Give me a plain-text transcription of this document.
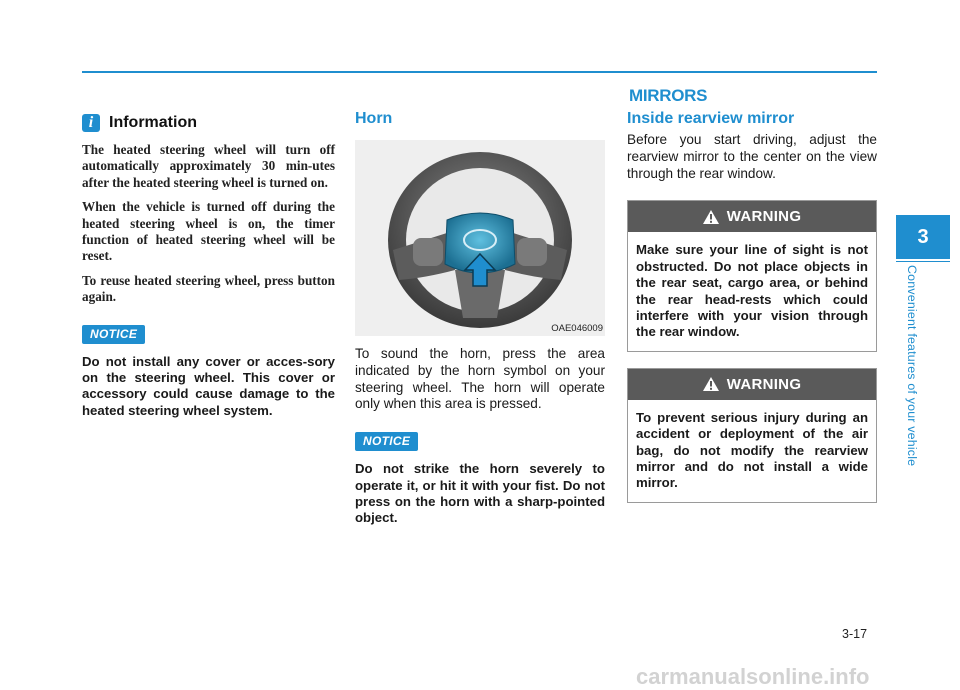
i Information

The heated steering wheel will turn off automatically approximately 30 min-utes after the heated steering wheel is turned on.

When the vehicle is turned off during the heated steering wheel is on, the timer function of heated steering wheel will be reset.

To reuse heated steering wheel, press button again.

NOTICE

Do not install any cover or acces-sory on the steering wheel. This cover or accessory could cause damage to the heated steering wheel system.

Horn
OAE046009

To sound the horn, press the area indicated by the horn symbol on your steering wheel. The horn will operate only when this area is pressed.

NOTICE

Do not strike the horn severely to operate it, or hit it with your fist. Do not press on the horn with a sharp-pointed object.

MIRRORS
Inside rearview mirror

Before you start driving, adjust the rearview mirror to the center on the view through the rear window.

WARNING

Make sure your line of sight is not obstructed. Do not place objects in the rear seat, cargo area, or behind the rear head-rests which could interfere with your vision through the rear window.

WARNING

To prevent serious injury during an accident or deployment of the air bag, do not modify the rearview mirror and do not install a wide mirror.

3
Convenient features of your vehicle
3-17
carmanualsonline.info
